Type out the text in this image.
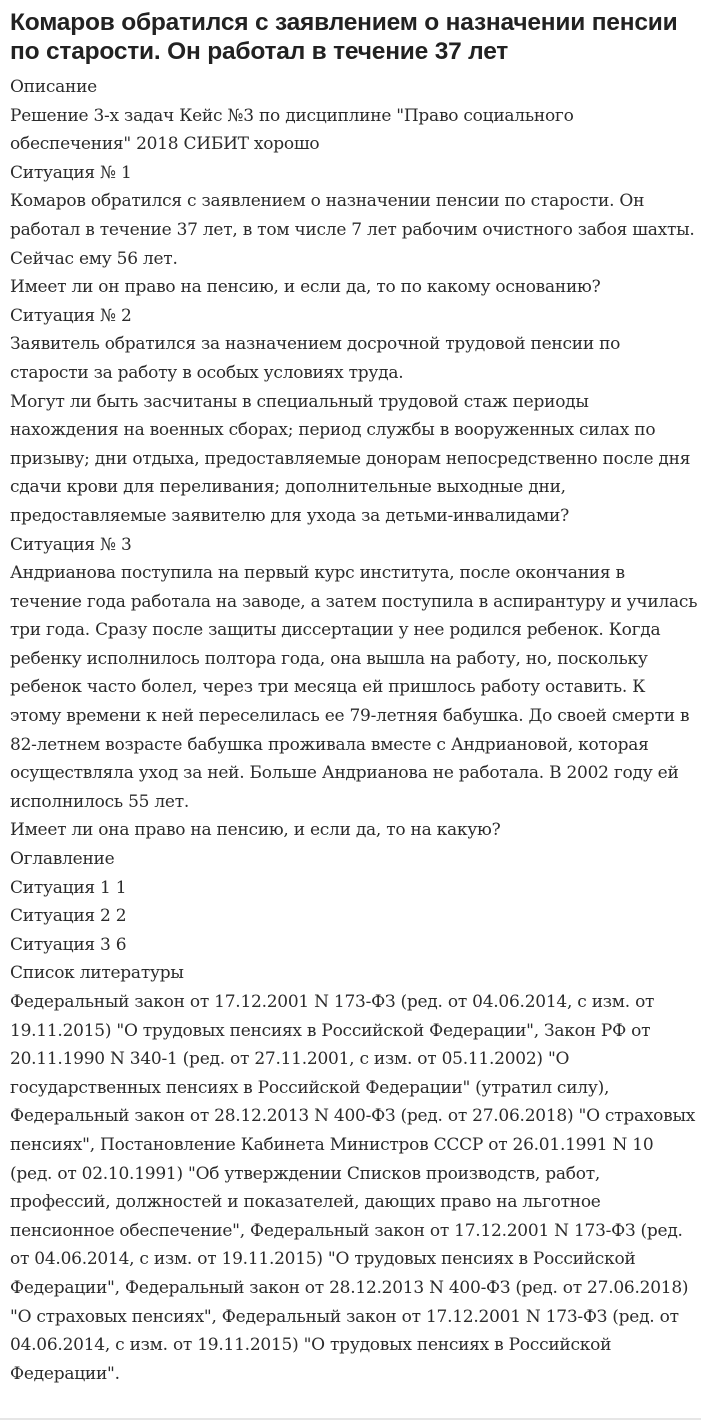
Комаров обратился с заявлением о назначении пенсии по старости. Он работал в течение 37 лет

Описание

Решение 3-х задач Кейс №3 по дисциплине "Право социального обеспечения" 2018 СИБИТ хорошо

Ситуация № 1

Комаров обратился с заявлением о назначении пенсии по старости. Он работал в течение 37 лет, в том числе 7 лет рабочим очистного забоя шахты. Сейчас ему 56 лет.

Имеет ли он право на пенсию, и если да, то по какому основанию?

Ситуация № 2

Заявитель обратился за назначением досрочной трудовой пенсии по старости за работу в особых условиях труда.

Могут ли быть засчитаны в специальный трудовой стаж периоды нахождения на военных сборах; период службы в вооруженных силах по призыву; дни отдыха, предоставляемые донорам непосредственно после дня сдачи крови для переливания; дополнительные выходные дни, предоставляемые заявителю для ухода за детьми-инвалидами?

Ситуация № 3

Андрианова поступила на первый курс института, после окончания в течение года работала на заводе, а затем поступила в аспирантуру и училась три года. Сразу после защиты диссертации у нее родился ребенок. Когда ребенку исполнилось полтора года, она вышла на работу, но, поскольку ребенок часто болел, через три месяца ей пришлось работу оставить. К этому времени к ней переселилась ее 79-летняя бабушка. До своей смерти в 82-летнем возрасте бабушка проживала вместе с Андриановой, которая осуществляла уход за ней. Больше Андрианова не работала. В 2002 году ей исполнилось 55 лет.

Имеет ли она право на пенсию, и если да, то на какую?

Оглавление

Ситуация 1 1

Ситуация 2 2

Ситуация 3 6

Список литературы

Федеральный закон от 17.12.2001 N 173-ФЗ (ред. от 04.06.2014, с изм. от 19.11.2015) "О трудовых пенсиях в Российской Федерации", Закон РФ от 20.11.1990 N 340-1 (ред. от 27.11.2001, с изм. от 05.11.2002) "О государственных пенсиях в Российской Федерации" (утратил силу), Федеральный закон от 28.12.2013 N 400-ФЗ (ред. от 27.06.2018) "О страховых пенсиях", Постановление Кабинета Министров СССР от 26.01.1991 N 10 (ред. от 02.10.1991) "Об утверждении Списков производств, работ, профессий, должностей и показателей, дающих право на льготное пенсионное обеспечение", Федеральный закон от 17.12.2001 N 173-ФЗ (ред. от 04.06.2014, с изм. от 19.11.2015) "О трудовых пенсиях в Российской Федерации", Федеральный закон от 28.12.2013 N 400-ФЗ (ред. от 27.06.2018) "О страховых пенсиях", Федеральный закон от 17.12.2001 N 173-ФЗ (ред. от 04.06.2014, с изм. от 19.11.2015) "О трудовых пенсиях в Российской Федерации".
